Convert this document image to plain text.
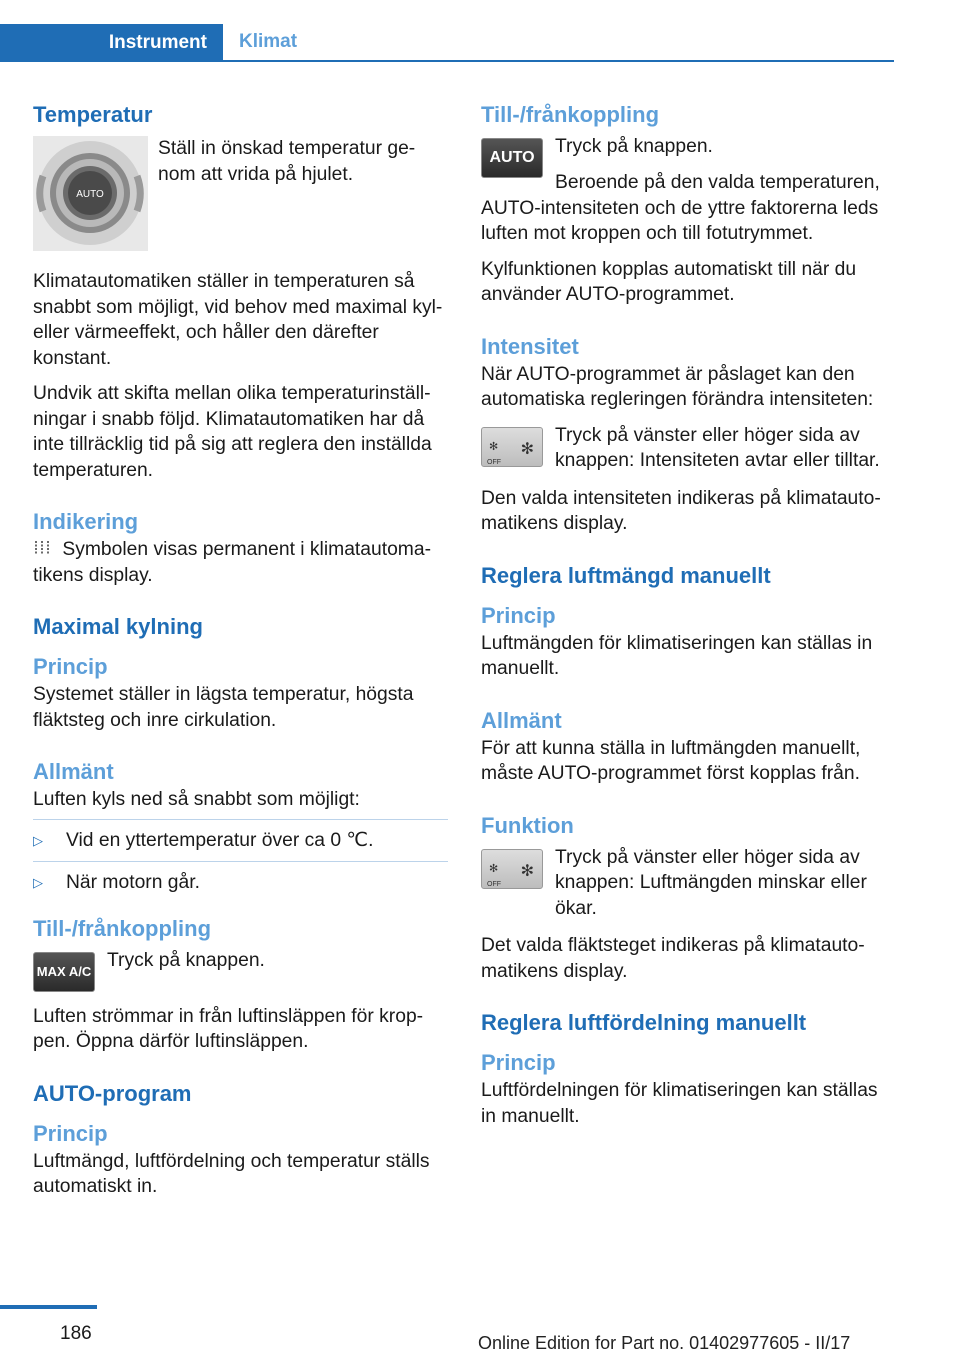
Instrument	Klimat
Temperatur
AUTO
Ställ in önskad temperatur ge‐nom att vrida på hjulet.

Klimatautomatiken ställer in temperaturen så snabbt som möjligt, vid behov med maximal kyl- eller värmeeffekt, och håller den därefter konstant.

Undvik att skifta mellan olika temperaturinställ‐ningar i snabb följd. Klimatautomatiken har då inte tillräcklig tid på sig att reglera den inställda temperaturen.

Indikering

Symbolen visas permanent i klimatautoma‐tikens display.

Maximal kylning
Princip

Systemet ställer in lägsta temperatur, högsta fläktsteg och inre cirkulation.

Allmänt

Luften kyls ned så snabbt som möjligt:

▷ Vid en yttertemperatur över ca 0 ℃.
▷ När motorn går.
Till-/frånkoppling
MAX A/C
Tryck på knappen.

Luften strömmar in från luftinsläppen för krop‐pen. Öppna därför luftinsläppen.

AUTO-program
Princip

Luftmängd, luftfördelning och temperatur ställs automatiskt in.

Till-/frånkoppling
AUTO
Tryck på knappen.

Beroende på den valda temperaturen, AUTO-intensiteten och de yttre faktorerna leds luften mot kroppen och till fotutrymmet.

Kylfunktionen kopplas automatiskt till när du använder AUTO-programmet.

Intensitet

När AUTO-programmet är påslaget kan den automatiska regleringen förändra intensiteten:

✻
OFF
✻
Tryck på vänster eller höger sida av knappen: Intensiteten avtar eller tilltar.

Den valda intensiteten indikeras på klimatauto‐matikens display.

Reglera luftmängd manuellt
Princip

Luftmängden för klimatiseringen kan ställas in manuellt.

Allmänt

För att kunna ställa in luftmängden manuellt, måste AUTO-programmet först kopplas från.

Funktion
✻
OFF
✻
Tryck på vänster eller höger sida av knappen: Luftmängden minskar eller ökar.

Det valda fläktsteget indikeras på klimatauto‐matikens display.

Reglera luftfördelning manuellt
Princip

Luftfördelningen för klimatiseringen kan ställas in manuellt.

186	Online Edition for Part no. 01402977605 - II/17
